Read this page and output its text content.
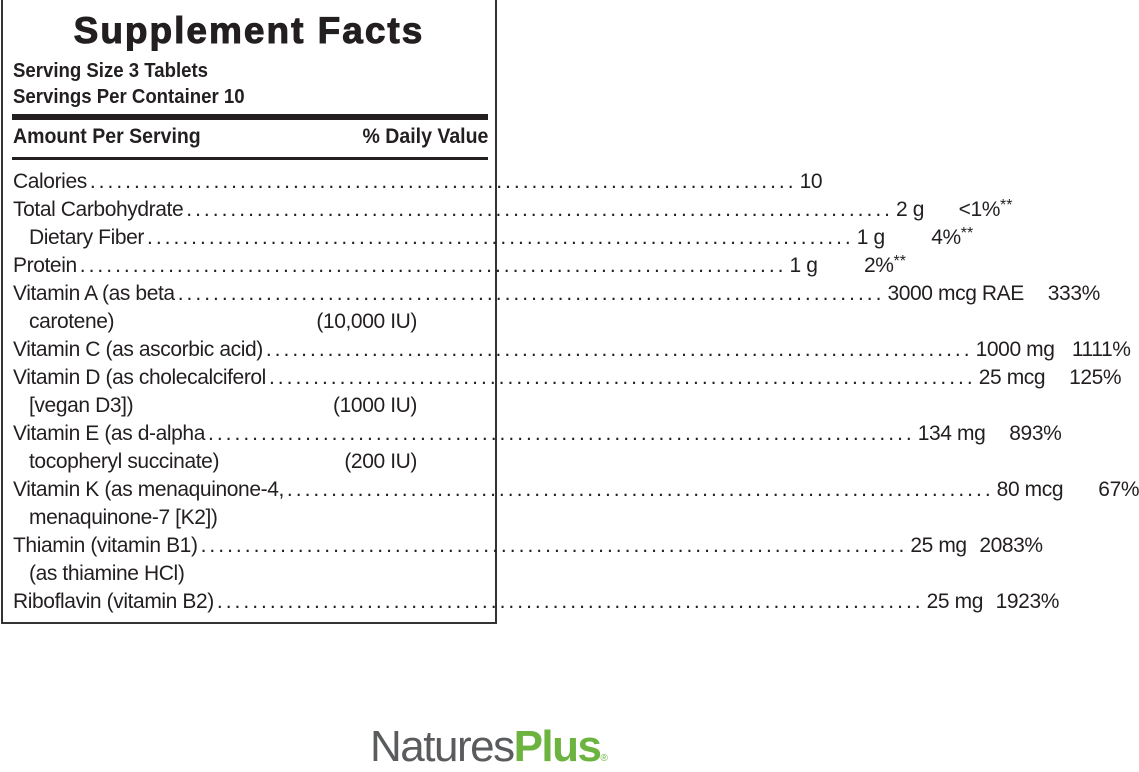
Supplement Facts
Serving Size 3 Tablets
Servings Per Container 10
Amount Per Serving	% Daily Value
Calories ................................................................................ 10
Total Carbohydrate ................................................................................ 2 g	<1% **
Dietary Fiber ................................................................................ 1 g	4% **
Protein ................................................................................ 1 g	2% **
Vitamin A (as beta ................................................................................ 3000 mcg RAE	333%
carotene)	(10,000 IU)
Vitamin C (as ascorbic acid) ................................................................................ 1000 mg 1111%
Vitamin D (as cholecalciferol ................................................................................ 25 mcg	125%
[vegan D3])	(1000 IU)
Vitamin E (as d-alpha ................................................................................ 134 mg	893%
tocopheryl succinate)	(200 IU)
Vitamin K (as menaquinone-4, ................................................................................ 80 mcg	67%
menaquinone-7 [K2])
Thiamin (vitamin B1) ................................................................................ 25 mg 2083%
(as thiamine HCl)
Riboflavin (vitamin B2) ................................................................................ 25 mg 1923%
NaturesPlus®
